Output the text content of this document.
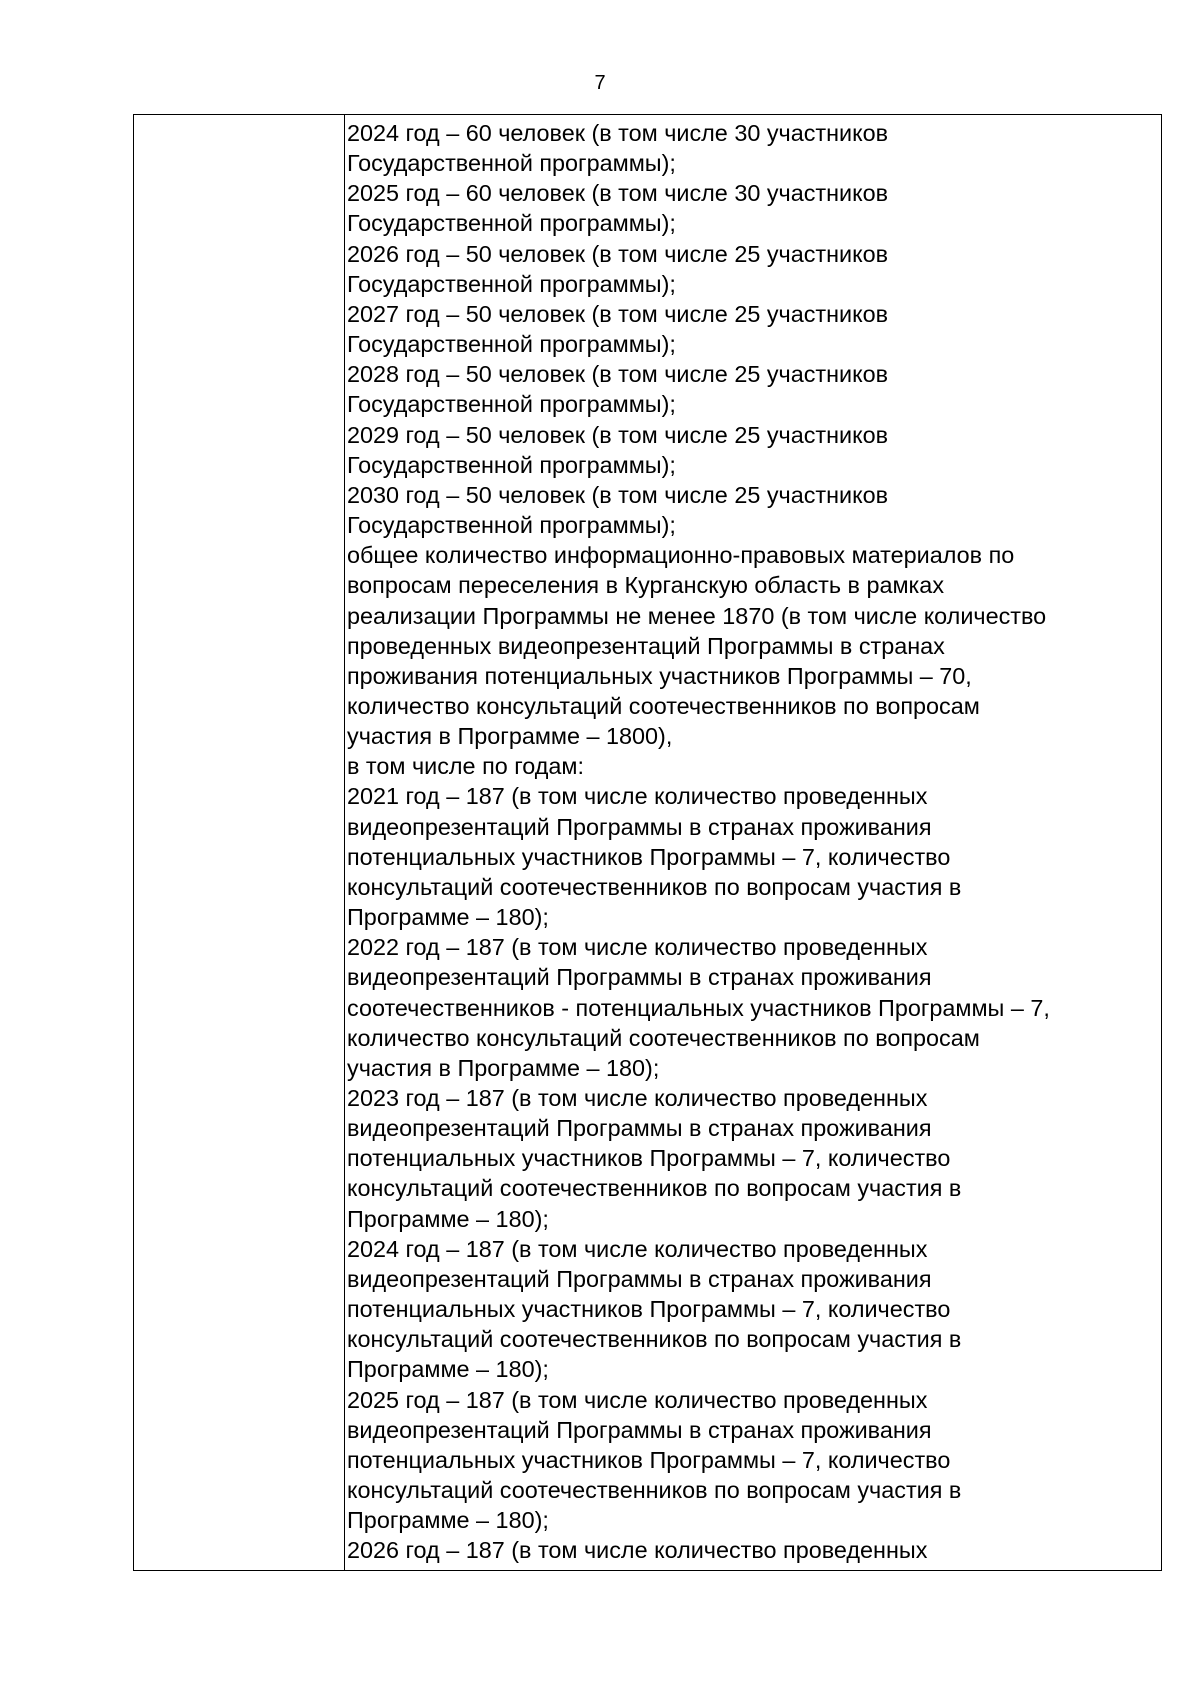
7
2024 год – 60 человек (в том числе 30 участников
Государственной программы);
2025 год – 60 человек (в том числе 30 участников
Государственной программы);
2026 год – 50 человек (в том числе 25 участников
Государственной программы);
2027 год – 50 человек (в том числе 25 участников
Государственной программы);
2028 год – 50 человек (в том числе 25 участников
Государственной программы);
2029 год – 50 человек (в том числе 25 участников
Государственной программы);
2030 год – 50 человек (в том числе 25 участников
Государственной программы);
общее количество информационно-правовых материалов по
вопросам переселения в Курганскую область в рамках
реализации Программы не менее 1870 (в том числе количество
проведенных видеопрезентаций Программы в странах
проживания потенциальных участников Программы – 70,
количество консультаций соотечественников по вопросам
участия в Программе – 1800),
в том числе по годам:
2021 год – 187 (в том числе количество проведенных
видеопрезентаций Программы в странах проживания
потенциальных участников Программы – 7, количество
консультаций соотечественников по вопросам участия в
Программе – 180);
2022 год – 187 (в том числе количество проведенных
видеопрезентаций Программы в странах проживания
соотечественников - потенциальных участников Программы – 7,
количество консультаций соотечественников по вопросам
участия в Программе – 180);
2023 год – 187 (в том числе количество проведенных
видеопрезентаций Программы в странах проживания
потенциальных участников Программы – 7, количество
консультаций соотечественников по вопросам участия в
Программе – 180);
2024 год – 187 (в том числе количество проведенных
видеопрезентаций Программы в странах проживания
потенциальных участников Программы – 7, количество
консультаций соотечественников по вопросам участия в
Программе – 180);
2025 год – 187 (в том числе количество проведенных
видеопрезентаций Программы в странах проживания
потенциальных участников Программы – 7, количество
консультаций соотечественников по вопросам участия в
Программе – 180);
2026 год – 187 (в том числе количество проведенных
